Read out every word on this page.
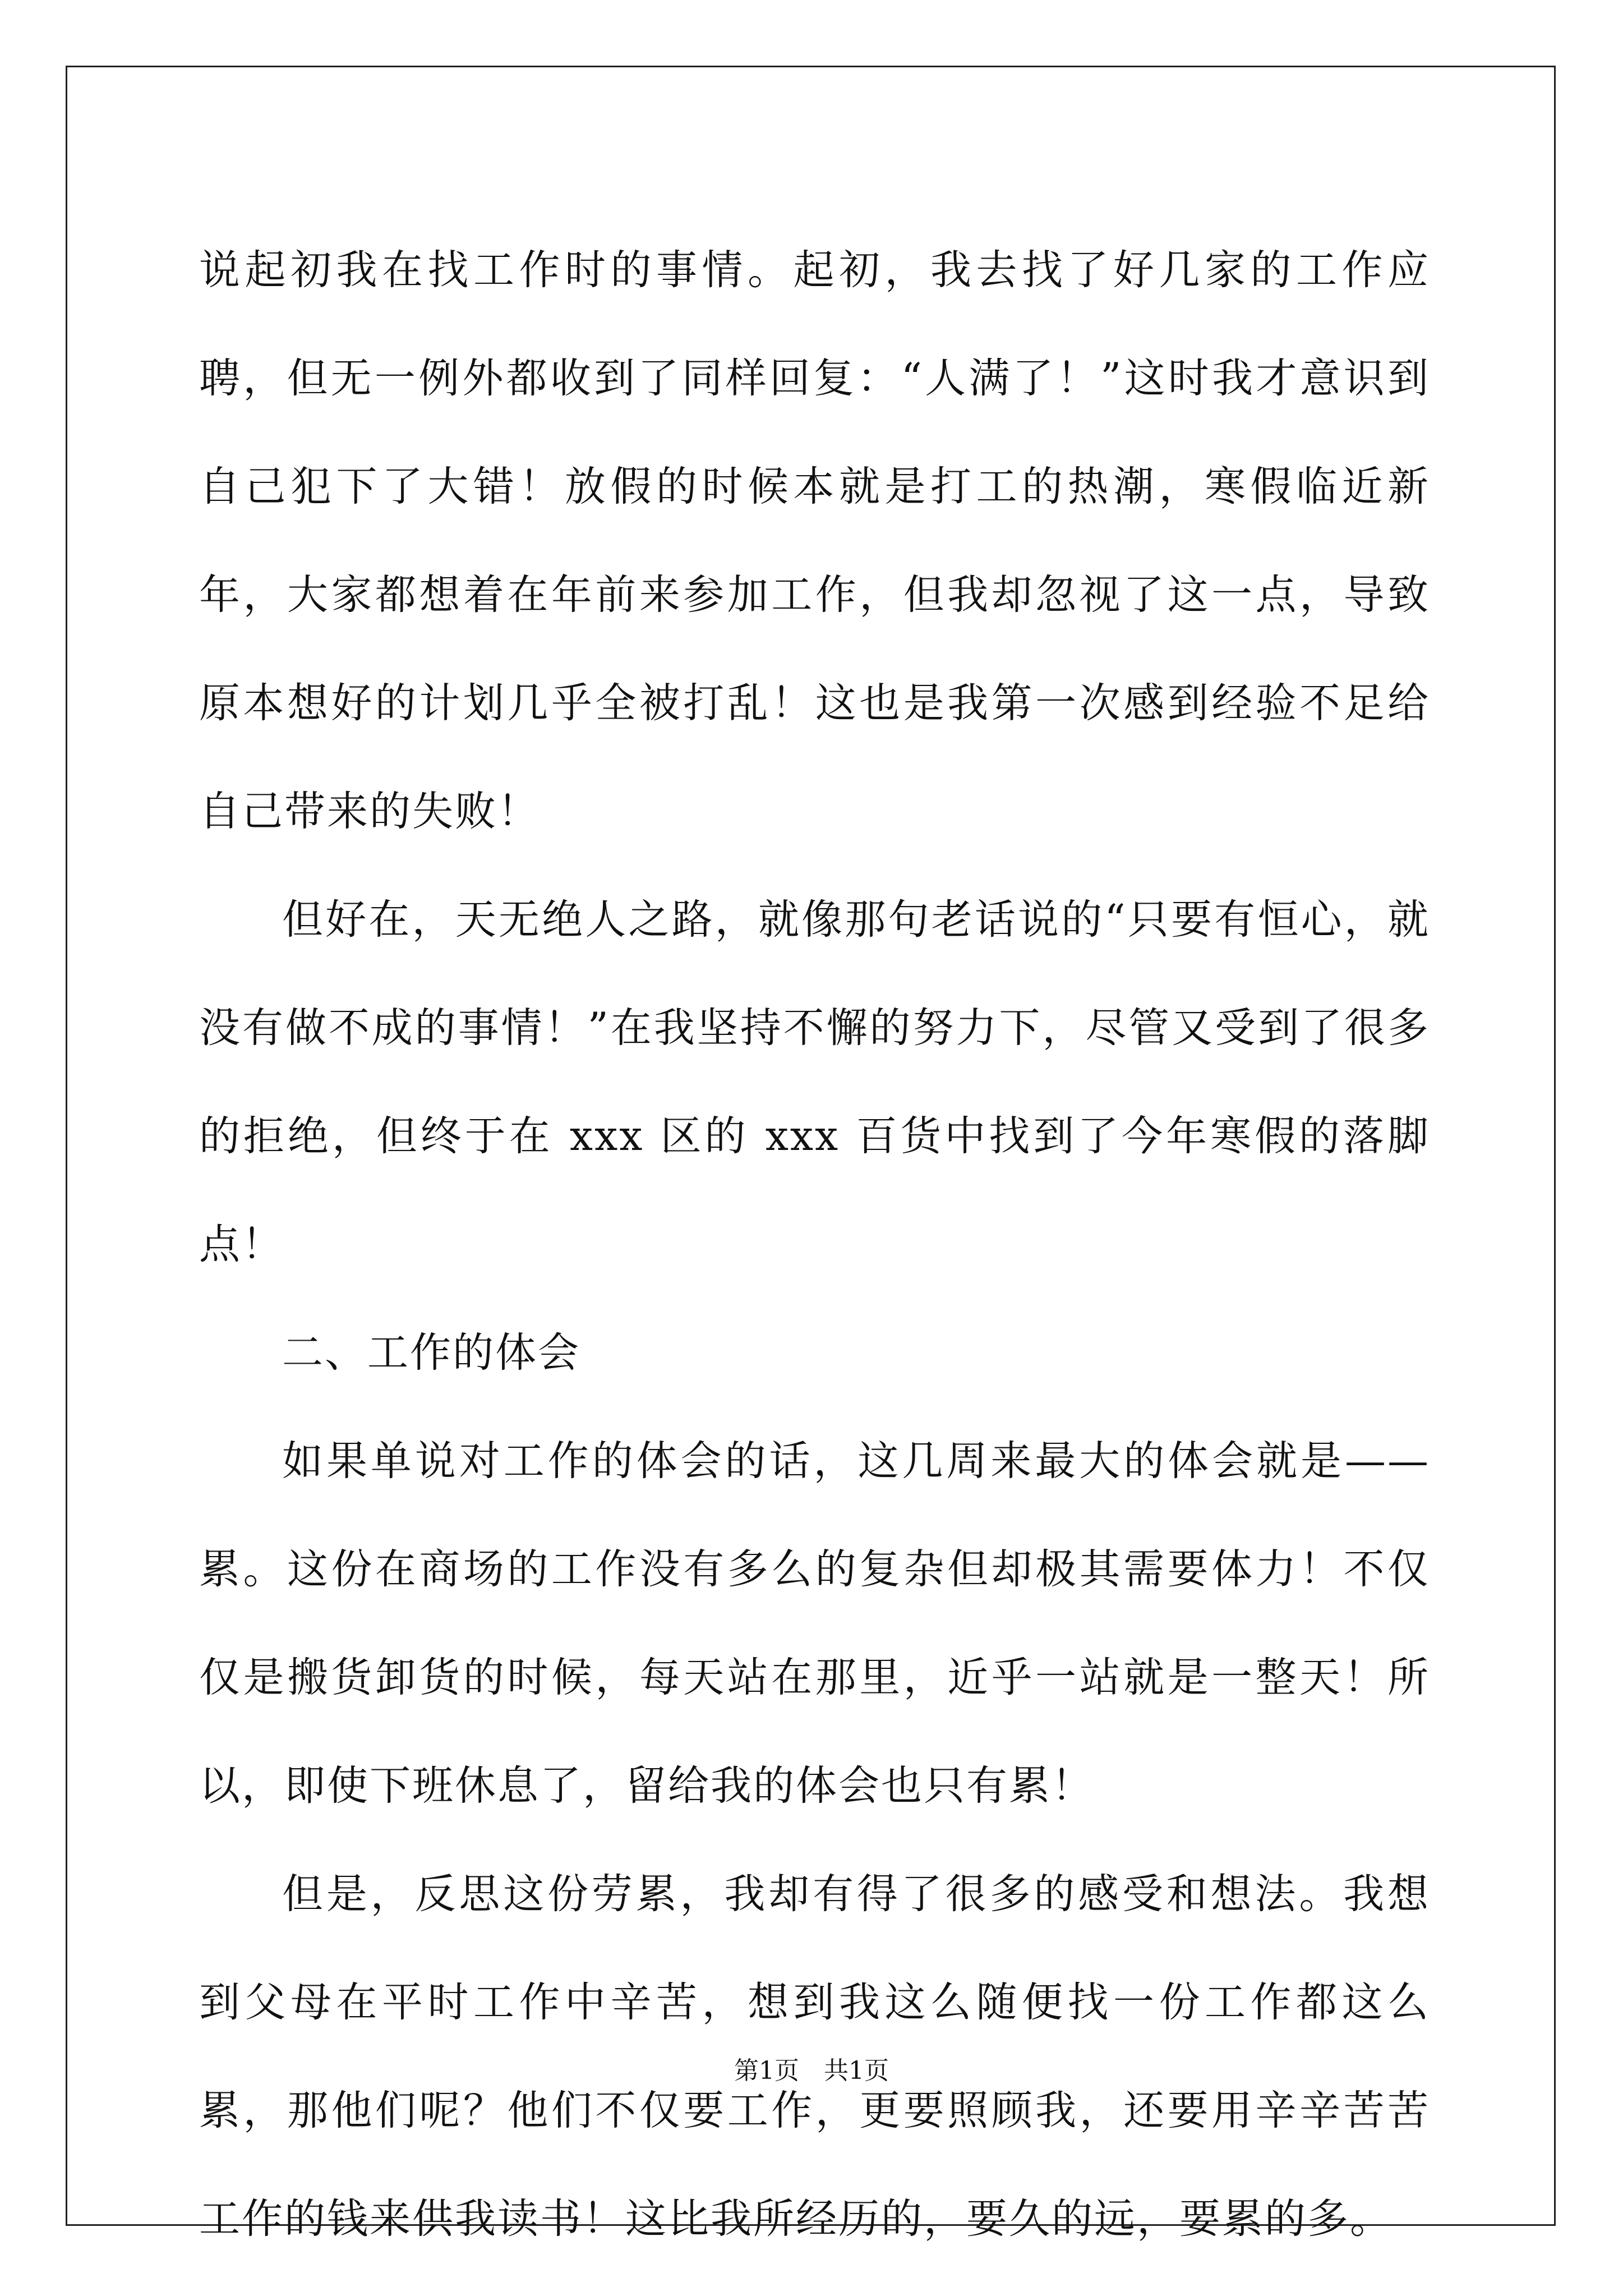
说起初我在找工作时的事情。起初，我去找了好几家的工作应聘，但无一例外都收到了同样回复：“人满了！”这时我才意识到自己犯下了大错！放假的时候本就是打工的热潮，寒假临近新年，大家都想着在年前来参加工作，但我却忽视了这一点，导致原本想好的计划几乎全被打乱！这也是我第一次感到经验不足给自己带来的失败！

但好在，天无绝人之路，就像那句老话说的“只要有恒心，就没有做不成的事情！”在我坚持不懈的努力下，尽管又受到了很多的拒绝，但终于在 xxx 区的 xxx 百货中找到了今年寒假的落脚点！

二、工作的体会

如果单说对工作的体会的话，这几周来最大的体会就是——累。这份在商场的工作没有多么的复杂但却极其需要体力！不仅仅是搬货卸货的时候，每天站在那里，近乎一站就是一整天！所以，即使下班休息了，留给我的体会也只有累！

但是，反思这份劳累，我却有得了很多的感受和想法。我想到父母在平时工作中辛苦，想到我这么随便找一份工作都这么累，那他们呢？他们不仅要工作，更要照顾我，还要用辛辛苦苦工作的钱来供我读书！这比我所经历的，要久的远，要累的多。

第1页　共1页
